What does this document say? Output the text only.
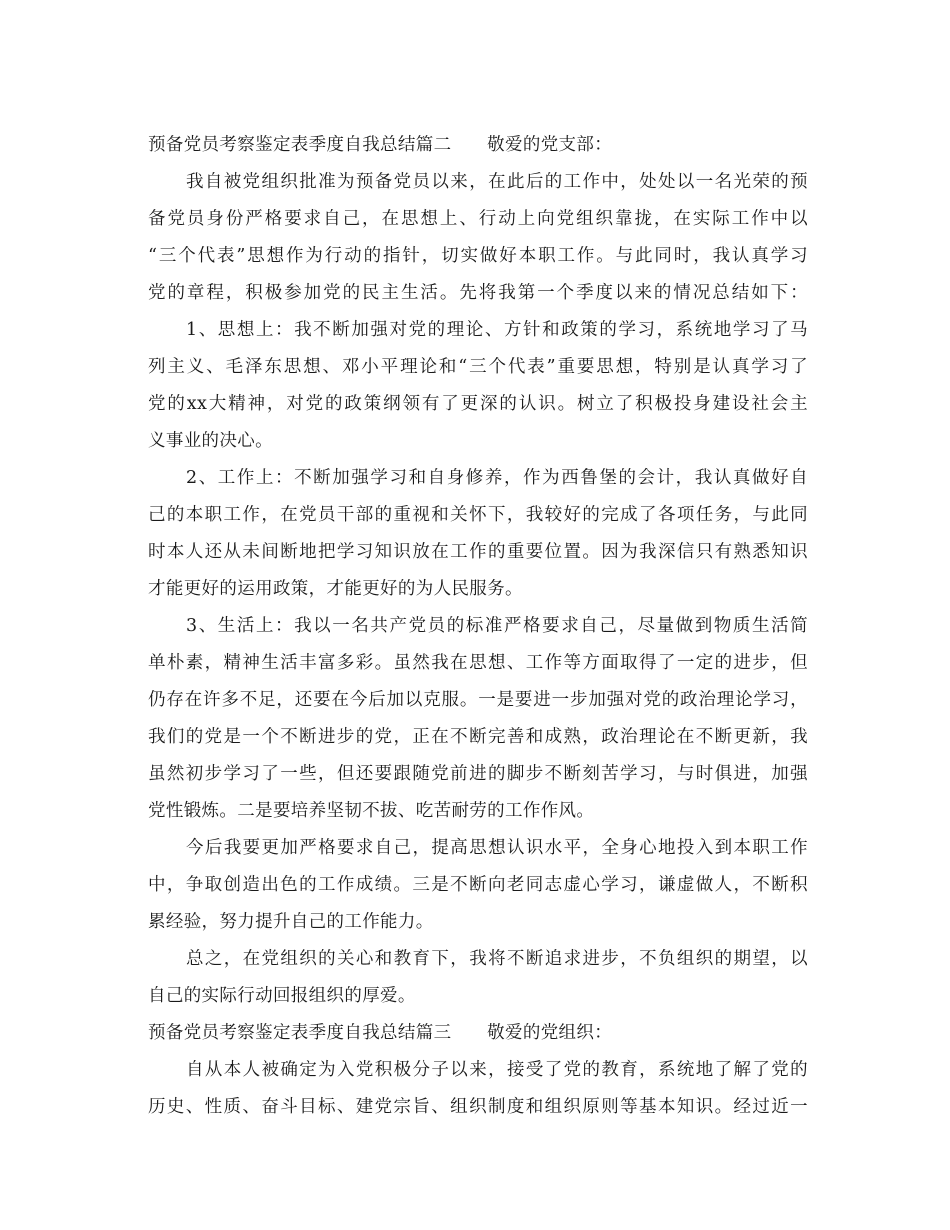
预备党员考察鉴定表季度自我总结篇二　　敬爱的党支部：
我自被党组织批准为预备党员以来，在此后的工作中，处处以一名光荣的预
备党员身份严格要求自己，在思想上、行动上向党组织靠拢，在实际工作中以
“三个代表”思想作为行动的指针，切实做好本职工作。与此同时，我认真学习
党的章程，积极参加党的民主生活。先将我第一个季度以来的情况总结如下：
1、思想上：我不断加强对党的理论、方针和政策的学习，系统地学习了马
列主义、毛泽东思想、邓小平理论和“三个代表”重要思想，特别是认真学习了
党的xx大精神，对党的政策纲领有了更深的认识。树立了积极投身建设社会主
义事业的决心。
2、工作上：不断加强学习和自身修养，作为西鲁堡的会计，我认真做好自
己的本职工作，在党员干部的重视和关怀下，我较好的完成了各项任务，与此同
时本人还从未间断地把学习知识放在工作的重要位置。因为我深信只有熟悉知识
才能更好的运用政策，才能更好的为人民服务。
3、生活上：我以一名共产党员的标准严格要求自己，尽量做到物质生活简
单朴素，精神生活丰富多彩。虽然我在思想、工作等方面取得了一定的进步，但
仍存在许多不足，还要在今后加以克服。一是要进一步加强对党的政治理论学习，
我们的党是一个不断进步的党，正在不断完善和成熟，政治理论在不断更新，我
虽然初步学习了一些，但还要跟随党前进的脚步不断刻苦学习，与时俱进，加强
党性锻炼。二是要培养坚韧不拔、吃苦耐劳的工作作风。
今后我要更加严格要求自己，提高思想认识水平，全身心地投入到本职工作
中，争取创造出色的工作成绩。三是不断向老同志虚心学习，谦虚做人，不断积
累经验，努力提升自己的工作能力。
总之，在党组织的关心和教育下，我将不断追求进步，不负组织的期望，以
自己的实际行动回报组织的厚爱。
预备党员考察鉴定表季度自我总结篇三　　敬爱的党组织：
自从本人被确定为入党积极分子以来，接受了党的教育，系统地了解了党的
历史、性质、奋斗目标、建党宗旨、组织制度和组织原则等基本知识。经过近一
